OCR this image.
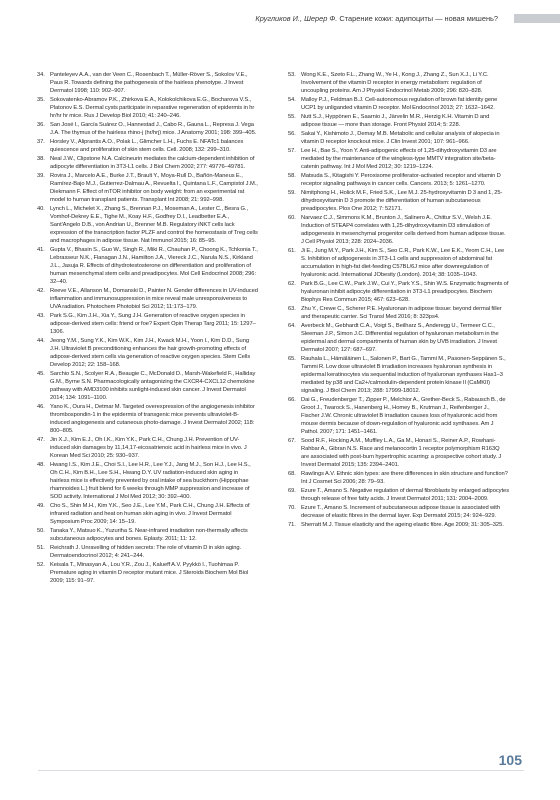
Кругликов И., Шерер Ф. Старение кожи: адипоциты — новая мишень?
34. Panteleyev A.A., van der Veen C., Rosenbach T., Müller-Röver S., Sokolov V.E., Paus R. Towards defining the pathogenesis of the hairless phenotype. J Invest Dermatol 1998; 110: 902–907.
35. Sokovatenko-Abramov P.K., Zhirkova E.A., Kolokolchikova E.G., Bocharova V.S., Platonov E.S. Dermal cysts participate in reparative regeneration of epidermis in hr hr/hr hr mice. Rus J Develop Biol 2010; 41: 240–246.
36. San José I., García Suárez O., Hannestad J., Cabo R., Gauna L., Represa J. Vega J.A. The thymus of the hairless rhino-j (hr/hrj) mice. J Anatomy 2001; 198: 399–405.
37. Horsley V., Aliprantis A.O., Polak L., Glimcher L.H., Fuchs E. NFATc1 balances quiescence and proliferation of skin stem cells. Cell. 2008; 132: 299–310.
38. Neal J.W., Clipstone N.A. Calcineurin mediates the calcium-dependent inhibition of adipocyte differentiation in 3T3-L1 cells. J Biol Chem 2002; 277: 49776–49781.
39. Rovira J., Marcelo A.E., Burke J.T., Brault Y., Moya-Rull D., Bañón-Maneus E., Ramírez-Bajo M.J., Gutierrez-Dalmau A., Revuelta I., Quintana L.F., Campistol J.M., Diekmann F. Effect of mTOR inhibitor on body weight: from an experimental rat model to human transplant patients. Transplant Int 2008; 21: 992–998.
40. Lynch L., Michelet X., Zhang S., Brennan P.J., Moseman A., Lester C., Besra G., Vomhof-Dekrey E.E., Tighe M., Koay H.F., Godfrey D.I., Leadbetter E.A., Sant'Angelo D.B., von Andrian U., Brenner M.B. Regulatory iNKT cells lack expression of the transcription factor PLZF and control the homeostasis of Treg cells and macrophages in adipose tissue. Nat Immunol 2015; 16: 85–95.
41. Gupta V., Bhasin S., Guo W., Singh R., Miki R., Chauhan P., Choong K., Tchkonia T., Lebrasseur N.K., Flanagan J.N., Hamilton J.A., Viereck J.C., Narula N.S., Kirkland J.L., Jasuja R. Effects of dihydrotestosterone on differentiation and proliferation of human mesenchymal stem cells and preadipocytes. Mol Cell Endocrinol 2008; 296: 32–40.
42. Reeve V.E., Allanson M., Domanski D., Painter N. Gender differences in UV-induced inflammation and immunosuppression in mice reveal male unresponsiveness to UVA radiation. Photochem Photobiol Sci 2012; 11:173–179.
43. Park S.G., Kim J.H., Xia Y., Sung J.H. Generation of reactive oxygen species in adipose-derived stem cells: friend or foe? Expert Opin Therap Targ 2011; 15: 1297–1306.
44. Jeong Y.M., Sung Y.K., Kim W.K., Kim J.H., Kwack M.H., Yoon I., Kim D.D., Sung J.H. Ultraviolet B preconditioning enhances the hair growth-promoting effects of adipose-derived stem cells via generation of reactive oxygen species. Stem Cells Develop 2012; 22: 158–168.
45. Sarchio S.N., Scolyer R.A., Beaugie C., McDonald D., Marsh-Wakefield F., Halliday G.M., Byrne S.N. Pharmacologically antagonizing the CXCR4-CXCL12 chemokine pathway with AMD3100 inhibits sunlight-induced skin cancer. J Invest Dermatol 2014; 134: 1091–1100.
46. Yano K., Oura H., Detmar M. Targeted overexpression of the angiogenesis inhibitor thrombospondin-1 in the epidermis of transgenic mice prevents ultraviolet-B-induced angiogenesis and cutaneous photo-damage. J Invest Dermatol 2002; 118: 800–805.
47. Jin X.J., Kim E.J., Oh I.K., Kim Y.K., Park C.H., Chung J.H. Prevention of UV-induced skin damages by 11,14,17-eicosatrienoic acid in hairless mice in vivo. J Korean Med Sci 2010; 25: 930–937.
48. Hwang I.S., Kim J.E., Choi S.I., Lee H.R., Lee Y.J., Jang M.J., Son H.J., Lee H.S., Oh C.H., Kim B.H., Lee S.H., Hwang D.Y. UV radiation-induced skin aging in hairless mice is effectively prevented by oral intake of sea buckthorn (Hippophae rhamnoides L.) fruit blend for 6 weeks through MMP suppression and increase of SOD activity. International J Mol Med 2012; 30: 392–400.
49. Cho S., Shin M.H., Kim Y.K., Seo J.E., Lee Y.M., Park C.H., Chung J.H. Effects of infrared radiation and heat on human skin aging in vivo. J Invest Dermatol Symposium Proc 2009; 14: 15–19.
50. Tanaka Y., Matsuo K., Yuzuriha S. Near-infrared irradiation non-thermally affects subcutaneous adipocytes and bones. Eplasty. 2011; 11: 12.
51. Reichrath J. Unravelling of hidden secrets: The role of vitamin D in skin aging. Dermatoendocrinol 2012; 4: 241–244.
52. Keisala T., Minasyan A., Lou Y.R., Zou J., Kalueff A.V. Pyykkö I., Tuohimaa P. Premature aging in vitamin D receptor mutant mice. J Steroids Biochem Mol Biol 2009; 115: 91–97.
53. Wong K.E., Szeto F.L., Zhang W., Ye H., Kong J., Zhang Z., Sun X.J., Li Y.C. Involvement of the vitamin D receptor in energy metabolism: regulation of uncoupling proteins. Am J Physiol Endocrinol Metab 2009; 296: 820–828.
54. Malloy P.J., Feldman B.J. Cell-autonomous regulation of brown fat identity gene UCP1 by unliganded vitamin D receptor. Mol Endocrinol 2013; 27: 1632–1642.
55. Nutt S.J., Hyppönen E., Saarnio J., Järvelin M.R., Herzig K.H. Vitamin D and adipose tissue — more than storage. Front Physiol 2014; 5: 228.
56. Sakai Y., Kishimoto J., Demay M.B. Metabolic and cellular analysis of alopecia in vitamin D receptor knockout mice. J Clin Invest 2001; 107: 961–966.
57. Lee H., Bae S., Yoon Y. Anti-adipogenic effects of 1,25-dihydroxyvitamin D3 are mediated by the maintenance of the wingless-type MMTV integration site/beta-catenin pathway. Int J Mol Med 2012; 30: 1219–1224.
58. Matsuda S., Kitagishi Y. Peroxisome proliferator-activated receptor and vitamin D receptor signaling pathways in cancer cells. Cancers. 2013; 5: 1261–1270.
59. Nimitphong H., Holick M.F., Fried S.K., Lee M.J. 25-hydroxyvitamin D 3 and 1, 25-dihydroxyvitamin D 3 promote the differentiation of human subcutaneous preadipocytes. Plos One 2012; 7: 52171.
60. Narvaez C.J., Simmons K.M., Brunton J., Salinero A., Chittur S.V., Welsh J.E. Induction of STEAP4 correlates with 1,25-dihydroxyvitamin D3 stimulation of adipogenesis in mesenchymal progenitor cells derived from human adipose tissue. J Cell Physiol 2013; 228: 2024–2036.
61. Ji E., Jung M.Y., Park J.H., Kim S., Seo C.R., Park K.W., Lee E.K., Yeom C.H., Lee S. Inhibition of adipogenesis in 3T3-L1 cells and suppression of abdominal fat accumulation in high-fat diet-feeding C57BL/6J mice after downregulation of hyaluronic acid. International JObesity (London). 2014; 38: 1035–1043.
62. Park B.G., Lee C.W., Park J.W., Cui Y., Park Y.S., Shin W.S. Enzymatic fragments of hyaluronan inhibit adipocyte differentiation in 3T3-L1 preadipocytes. Biochem Biophys Res Commun 2015; 467: 623–628.
63. Zhu Y., Crewe C., Scherer P.E. Hyaluronan in adipose tissue: beyond dermal filler and therapeutic carrier. Sci Transl Med 2016; 8: 323ps4.
64. Averbeck M., Gebhardt C.A., Voigt S., Beilharz S., Anderegg U., Termeer C.C., Sleeman J.P., Simon J.C. Differential regulation of hyaluronan metabolism in the epidermal and dermal compartments of human skin by UVB irradiation. J Invest Dermatol 2007; 127: 687–697.
65. Rauhala L., Hämäläinen L., Salonen P., Bart G., Tammi M., Pasonen-Seppänen S., Tammi R. Low dose ultraviolet B irradiation increases hyaluronan synthesis in epidermal keratinocytes via sequential induction of hyaluronan synthases Has1–3 mediated by p38 and Ca2+/calmodulin-dependent protein kinase II (CaMKII) signaling. J Biol Chem 2013; 288: 17999-18012.
66. Dai G., Freudenberger T., Zipper P., Melchior A., Grether-Beck S., Rabausch B., de Groot J., Twarock S., Hanenberg H., Homey B., Krutman J., Reifenberger J., Fischer J.W. Chronic ultraviolet B irradiation causes loss of hyaluronic acid from mouse dermis because of down-regulation of hyaluronic acid synthases. Am J Pathol. 2007; 171: 1451–1461.
67. Sood R.F., Hocking A.M., Muffley L.A., Ga M., Honari S., Reiner A.P., Rowhani-Rahbar A., Gibran N.S. Race and melanocortin 1 receptor polymorphism R163Q are associated with post-burn hypertrophic scarring: a prospective cohort study. J Invest Dermatol 2015; 135: 2394–2401.
68. Rawlings A.V. Ethnic skin types: are there differences in skin structure and function? Int J Cosmet Sci 2006; 28: 79–93.
69. Ezure T., Amano S. Negative regulation of dermal fibroblasts by enlarged adipocytes through release of free fatty acids. J Invest Dermatol 2011; 131: 2004–2009.
70. Ezure T., Amano S. Increment of subcutaneous adipose tissue is associated with decrease of elastic fibres in the dermal layer. Exp Dermatol 2015; 24: 924–929.
71. Sherratt M.J. Tissue elasticity and the ageing elastic fibre. Age 2009; 31: 305–325.
105
